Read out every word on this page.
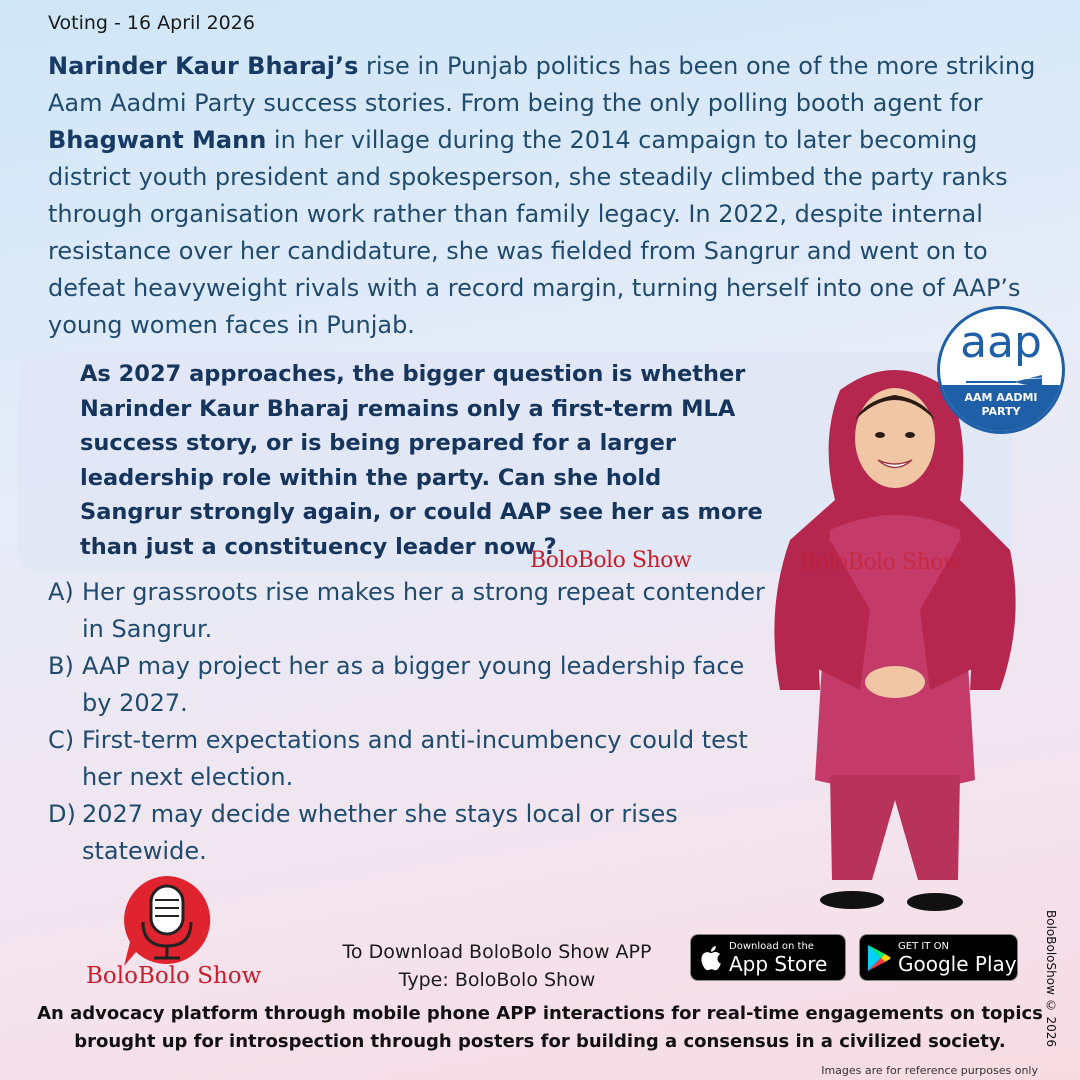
Voting - 16 April 2026

Narinder Kaur Bharaj’s rise in Punjab politics has been one of the more striking Aam Aadmi Party success stories. From being the only polling booth agent for Bhagwant Mann in her village during the 2014 campaign to later becoming district youth president and spokesperson, she steadily climbed the party ranks through organisation work rather than family legacy. In 2022, despite internal resistance over her candidature, she was fielded from Sangrur and went on to defeat heavyweight rivals with a record margin, turning herself into one of AAP’s young women faces in Punjab.

As 2027 approaches, the bigger question is whether Narinder Kaur Bharaj remains only a first-term MLA success story, or is being prepared for a larger leadership role within the party. Can she hold Sangrur strongly again, or could AAP see her as more than just a constituency leader now ?

A) Her grassroots rise makes her a strong repeat contender in Sangrur.
B) AAP may project her as a bigger young leadership face by 2027.
C) First-term expectations and anti-incumbency could test her next election.
D) 2027 may decide whether she stays local or rises statewide.
BoloBolo Show	BoloBolo Show
aap
AAM AADMI
PARTY
BoloBolo Show
To Download BoloBolo Show APP
Type: BoloBolo Show
Download on the
App Store
GET IT ON
Google Play

An advocacy platform through mobile phone APP interactions for real-time engagements on topics brought up for introspection through posters for building a consensus in a civilized society.

Images are for reference purposes only
BoloBoloShow © 2026
